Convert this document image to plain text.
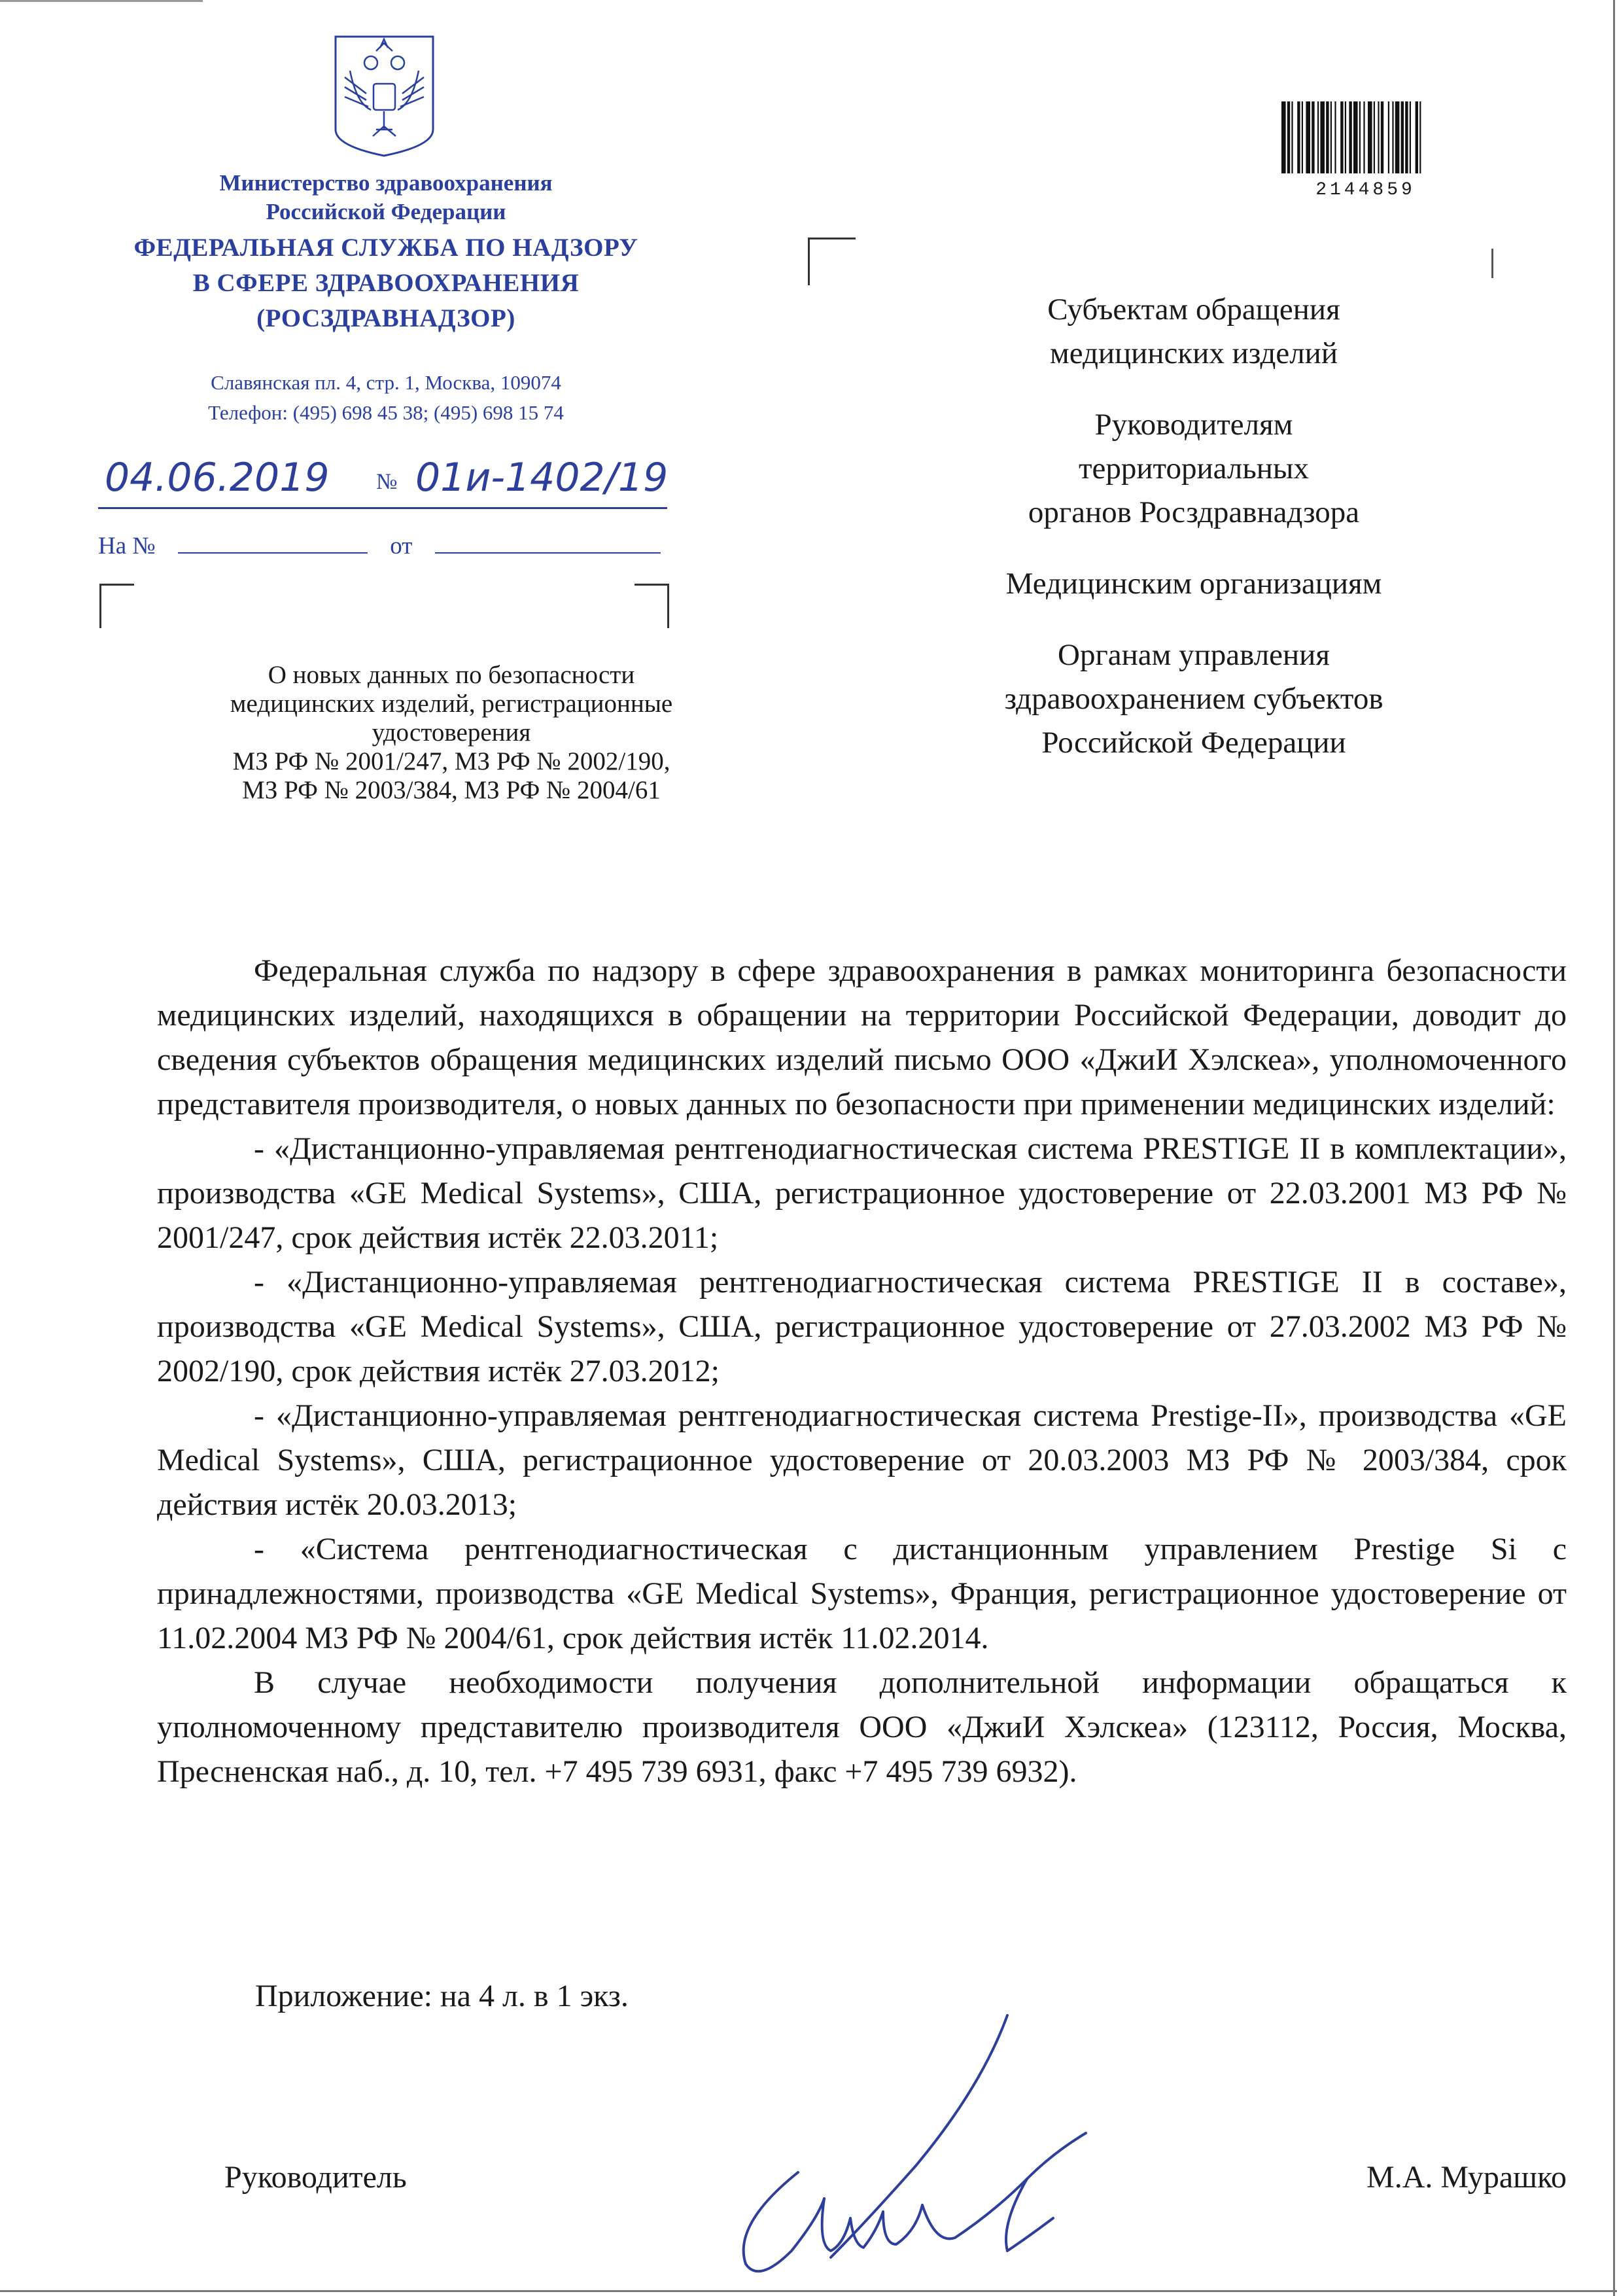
Министерство здравоохранения
Российской Федерации
ФЕДЕРАЛЬНАЯ СЛУЖБА ПО НАДЗОРУ
В СФЕРЕ ЗДРАВООХРАНЕНИЯ
(РОСЗДРАВНАДЗОР)
Славянская пл. 4, стр. 1, Москва, 109074
Телефон: (495) 698 45 38; (495) 698 15 74
04.06.2019 № 01и-1402/19
На №	от
О новых данных по безопасности
медицинских изделий, регистрационные
удостоверения
МЗ РФ № 2001/247, МЗ РФ № 2002/190,
МЗ РФ № 2003/384, МЗ РФ № 2004/61
2144859
Субъектам обращения
медицинских изделий
Руководителям
территориальных
органов Росздравнадзора
Медицинским организациям
Органам управления
здравоохранением субъектов
Российской Федерации

Федеральная служба по надзору в сфере здравоохранения в рамках мониторинга безопасности медицинских изделий, находящихся в обращении на территории Российской Федерации, доводит до сведения субъектов обращения медицинских изделий письмо ООО «ДжиИ Хэлскеа», уполномоченного представителя производителя, о новых данных по безопасности при применении медицинских изделий:

- «Дистанционно-управляемая рентгенодиагностическая система PRESTIGE II в комплектации», производства «GE Medical Systems», США, регистрационное удостоверение от 22.03.2001 МЗ РФ № 2001/247, срок действия истёк 22.03.2011;

- «Дистанционно-управляемая рентгенодиагностическая система PRESTIGE II в составе», производства «GE Medical Systems», США, регистрационное удостоверение от 27.03.2002 МЗ РФ № 2002/190, срок действия истёк 27.03.2012;

- «Дистанционно-управляемая рентгенодиагностическая система Prestige-II», производства «GE Medical Systems», США, регистрационное удостоверение от 20.03.2003 МЗ РФ № 2003/384, срок действия истёк 20.03.2013;

- «Система рентгенодиагностическая с дистанционным управлением Prestige Si с принадлежностями, производства «GE Medical Systems», Франция, регистрационное удостоверение от 11.02.2004 МЗ РФ № 2004/61, срок действия истёк 11.02.2014.

В случае необходимости получения дополнительной информации обращаться к уполномоченному представителю производителя ООО «ДжиИ Хэлскеа» (123112, Россия, Москва, Пресненская наб., д. 10, тел. +7 495 739 6931, факс +7 495 739 6932).

Приложение: на 4 л. в 1 экз.
Руководитель	М.А. Мурашко
